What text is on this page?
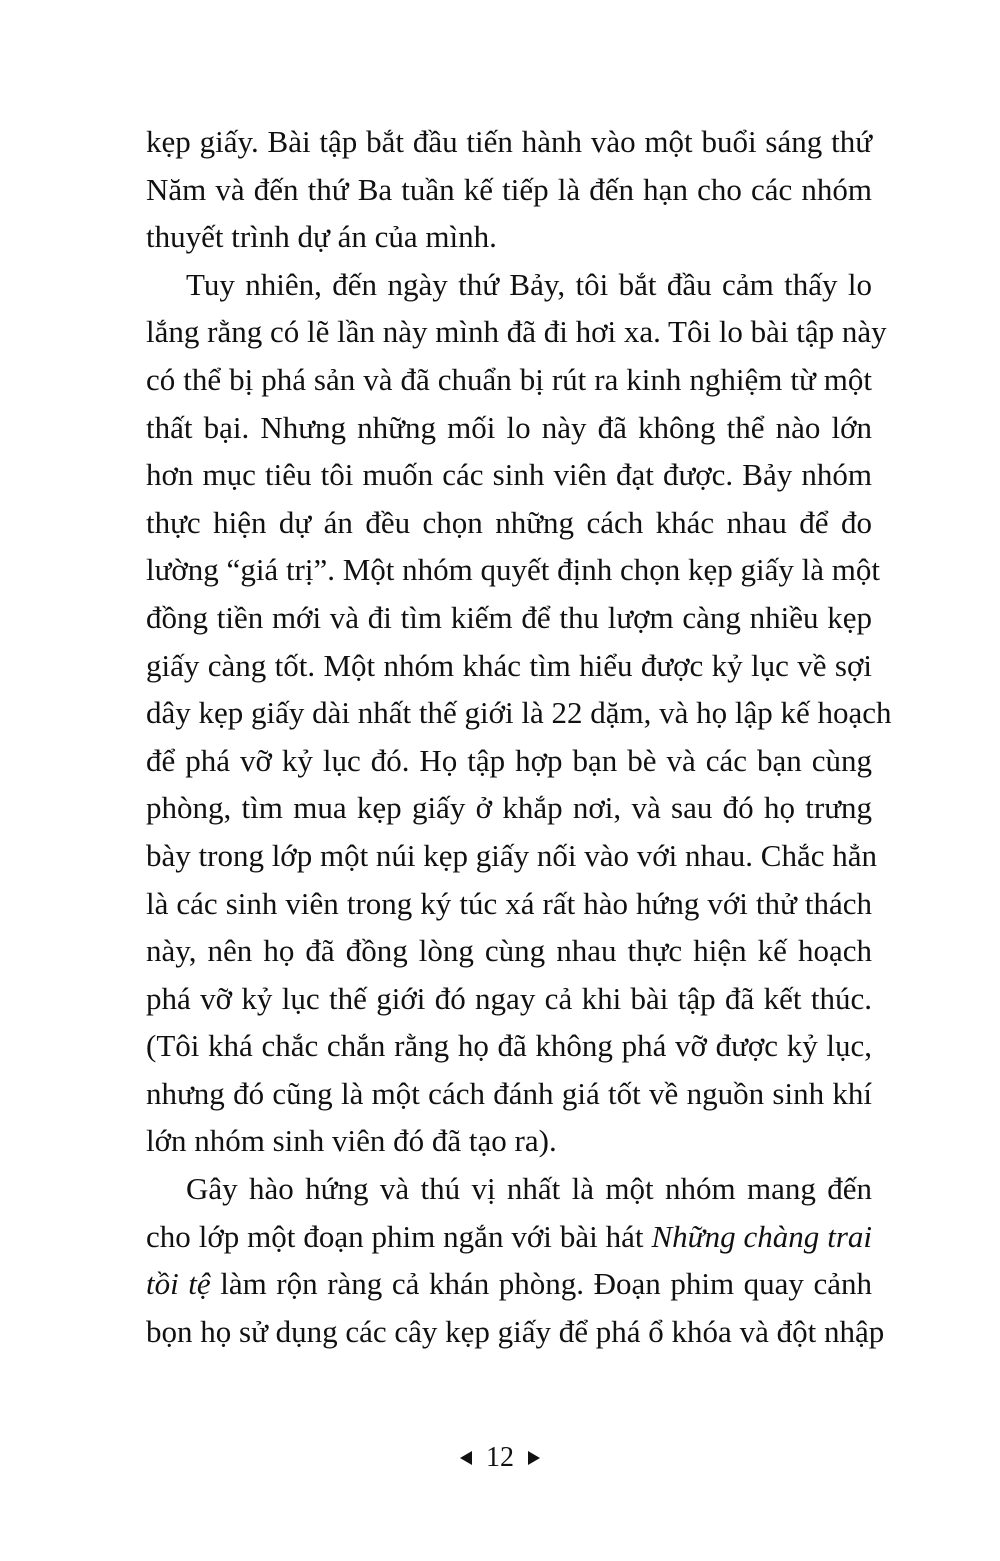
kẹp giấy. Bài tập bắt đầu tiến hành vào một buổi sáng thứ
Năm và đến thứ Ba tuần kế tiếp là đến hạn cho các nhóm
thuyết trình dự án của mình.
Tuy nhiên, đến ngày thứ Bảy, tôi bắt đầu cảm thấy lo
lắng rằng có lẽ lần này mình đã đi hơi xa. Tôi lo bài tập này
có thể bị phá sản và đã chuẩn bị rút ra kinh nghiệm từ một
thất bại. Nhưng những mối lo này đã không thể nào lớn
hơn mục tiêu tôi muốn các sinh viên đạt được. Bảy nhóm
thực hiện dự án đều chọn những cách khác nhau để đo
lường “giá trị”. Một nhóm quyết định chọn kẹp giấy là một
đồng tiền mới và đi tìm kiếm để thu lượm càng nhiều kẹp
giấy càng tốt. Một nhóm khác tìm hiểu được kỷ lục về sợi
dây kẹp giấy dài nhất thế giới là 22 dặm, và họ lập kế hoạch
để phá vỡ kỷ lục đó. Họ tập hợp bạn bè và các bạn cùng
phòng, tìm mua kẹp giấy ở khắp nơi, và sau đó họ trưng
bày trong lớp một núi kẹp giấy nối vào với nhau. Chắc hẳn
là các sinh viên trong ký túc xá rất hào hứng với thử thách
này, nên họ đã đồng lòng cùng nhau thực hiện kế hoạch
phá vỡ kỷ lục thế giới đó ngay cả khi bài tập đã kết thúc.
(Tôi khá chắc chắn rằng họ đã không phá vỡ được kỷ lục,
nhưng đó cũng là một cách đánh giá tốt về nguồn sinh khí
lớn nhóm sinh viên đó đã tạo ra).
Gây hào hứng và thú vị nhất là một nhóm mang đến
cho lớp một đoạn phim ngắn với bài hát Những chàng trai
tồi tệ làm rộn ràng cả khán phòng. Đoạn phim quay cảnh
bọn họ sử dụng các cây kẹp giấy để phá ổ khóa và đột nhập
12
